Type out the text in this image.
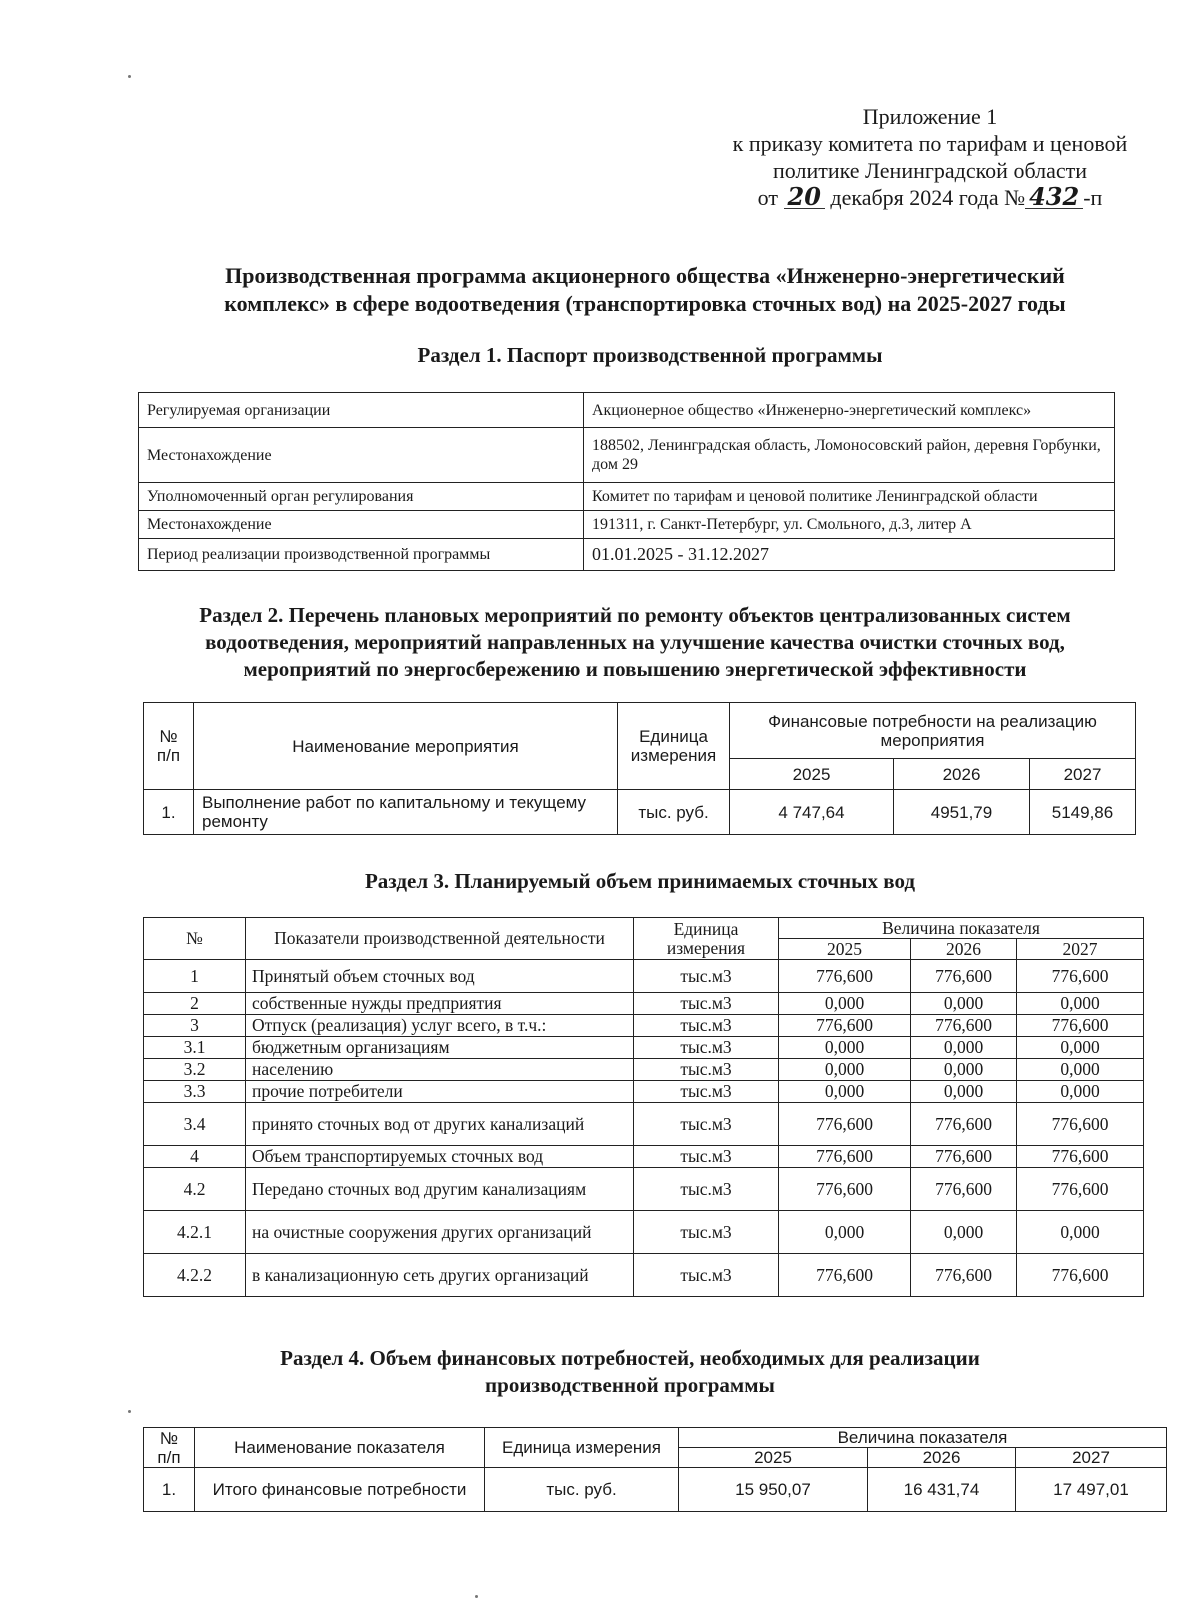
Приложение 1
к приказу комитета по тарифам и ценовой
политике Ленинградской области
от 20 декабря 2024 года № 432 -п
Производственная программа акционерного общества «Инженерно-энергетический
комплекс» в сфере водоотведения (транспортировка сточных вод) на 2025-2027 годы
Раздел 1. Паспорт производственной программы
Регулируемая организации	Акционерное общество «Инженерно-энергетический комплекс»
Местонахождение	188502, Ленинградская область, Ломоносовский район, деревня Горбунки, дом 29
Уполномоченный орган регулирования	Комитет по тарифам и ценовой политике Ленинградской области
Местонахождение	191311, г. Санкт-Петербург, ул. Смольного, д.3, литер А
Период реализации производственной программы	01.01.2025 - 31.12.2027
Раздел 2. Перечень плановых мероприятий по ремонту объектов централизованных систем
водоотведения, мероприятий направленных на улучшение качества очистки сточных вод,
мероприятий по энергосбережению и повышению энергетической эффективности
№ п/п	Наименование мероприятия	Единица измерения	Финансовые потребности на реализацию мероприятия		
			2025	2026	2027
1.	Выполнение работ по капитальному и текущему ремонту	тыс. руб.	4 747,64	4951,79	5149,86
Раздел 3. Планируемый объем принимаемых сточных вод
№	Показатели производственной деятельности	Единица измерения	Величина показателя		
			2025	2026	2027
1	Принятый объем сточных вод	тыс.м3	776,600	776,600	776,600
2	собственные нужды предприятия	тыс.м3	0,000	0,000	0,000
3	Отпуск (реализация) услуг всего, в т.ч.:	тыс.м3	776,600	776,600	776,600
3.1	бюджетным организациям	тыс.м3	0,000	0,000	0,000
3.2	населению	тыс.м3	0,000	0,000	0,000
3.3	прочие потребители	тыс.м3	0,000	0,000	0,000
3.4	принято сточных вод от других канализаций	тыс.м3	776,600	776,600	776,600
4	Объем транспортируемых сточных вод	тыс.м3	776,600	776,600	776,600
4.2	Передано сточных вод другим канализациям	тыс.м3	776,600	776,600	776,600
4.2.1	на очистные сооружения других организаций	тыс.м3	0,000	0,000	0,000
4.2.2	в канализационную сеть других организаций	тыс.м3	776,600	776,600	776,600
Раздел 4. Объем финансовых потребностей, необходимых для реализации
производственной программы
№ п/п	Наименование показателя	Единица измерения	Величина показателя		
			2025	2026	2027
1.	Итого финансовые потребности	тыс. руб.	15 950,07	16 431,74	17 497,01
